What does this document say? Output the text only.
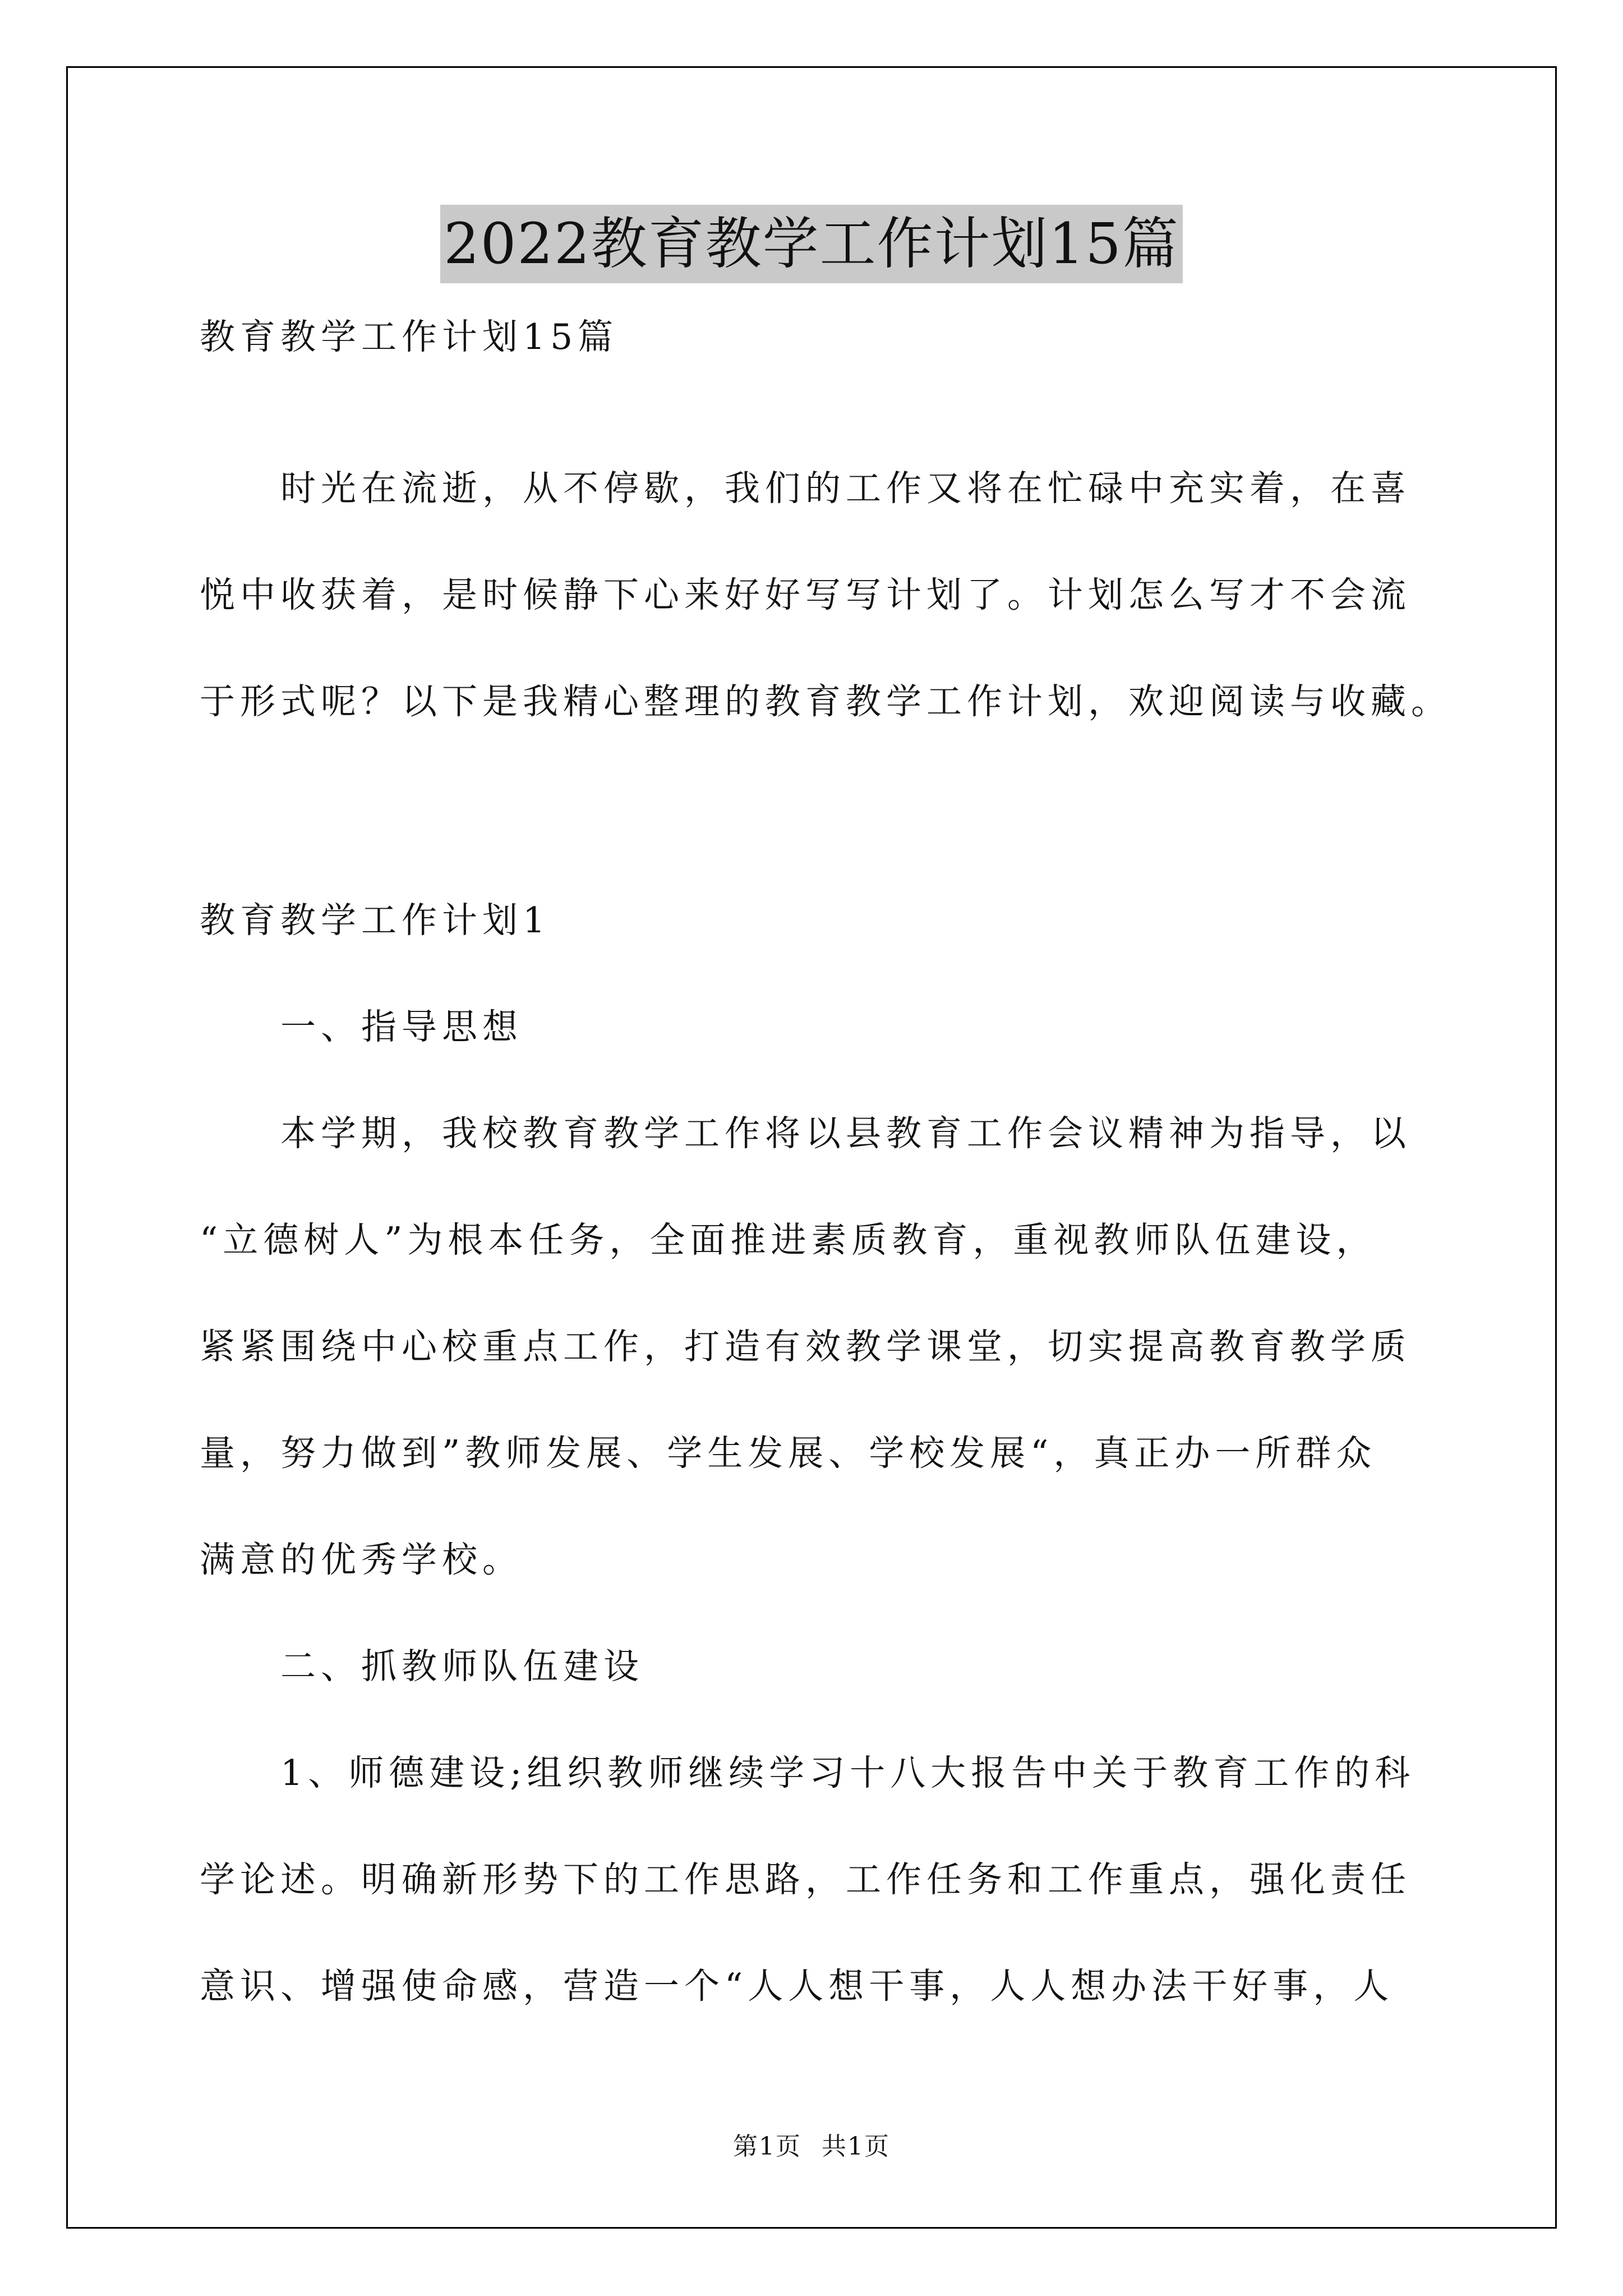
2022教育教学工作计划15篇
教育教学工作计划15篇
　　时光在流逝，从不停歇，我们的工作又将在忙碌中充实着，在喜
悦中收获着，是时候静下心来好好写写计划了。计划怎么写才不会流
于形式呢？以下是我精心整理的教育教学工作计划，欢迎阅读与收藏。
教育教学工作计划1
　　一、指导思想
　　本学期，我校教育教学工作将以县教育工作会议精神为指导，以
“立德树人”为根本任务，全面推进素质教育，重视教师队伍建设，
紧紧围绕中心校重点工作，打造有效教学课堂，切实提高教育教学质
量，努力做到”教师发展、学生发展、学校发展“，真正办一所群众
满意的优秀学校。
　　二、抓教师队伍建设
　　1、师德建设;组织教师继续学习十八大报告中关于教育工作的科
学论述。明确新形势下的工作思路，工作任务和工作重点，强化责任
意识、增强使命感，营造一个“人人想干事，人人想办法干好事，人
第1页 共1页
